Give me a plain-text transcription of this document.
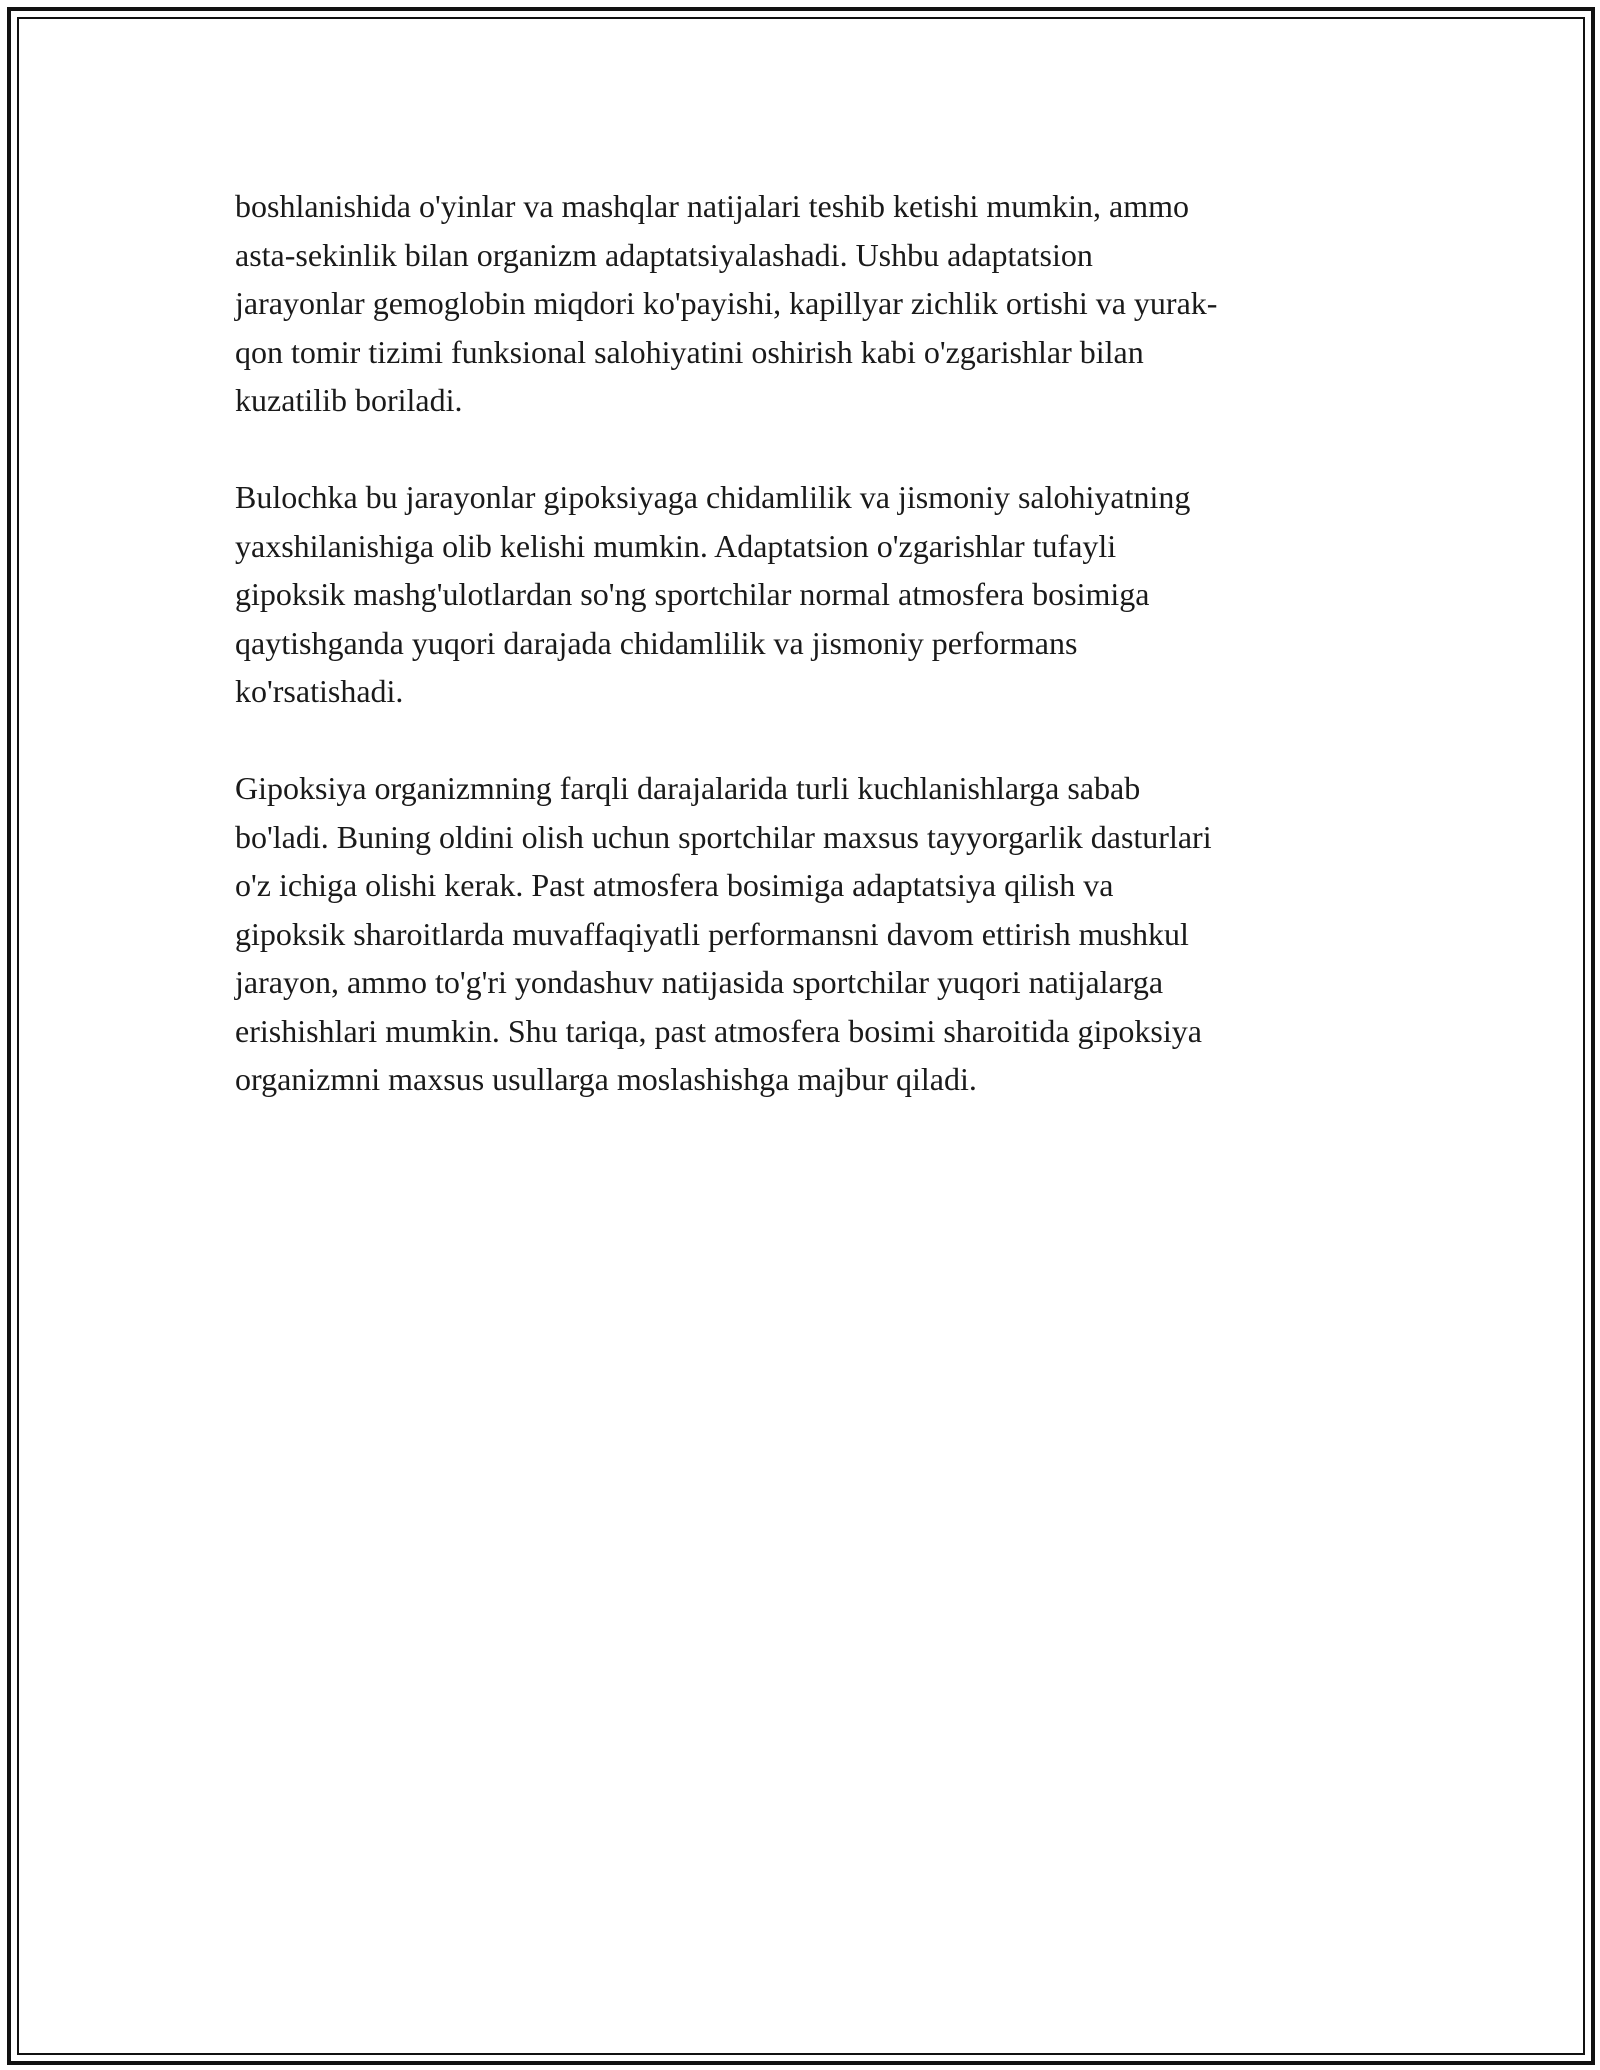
boshlanishida o'yinlar va mashqlar natijalari teshib ketishi mumkin, ammo
asta-sekinlik bilan organizm adaptatsiyalashadi. Ushbu adaptatsion
jarayonlar gemoglobin miqdori ko'payishi, kapillyar zichlik ortishi va yurak-
qon tomir tizimi funksional salohiyatini oshirish kabi o'zgarishlar bilan
kuzatilib boriladi.

Bulochka bu jarayonlar gipoksiyaga chidamlilik va jismoniy salohiyatning
yaxshilanishiga olib kelishi mumkin. Adaptatsion o'zgarishlar tufayli
gipoksik mashg'ulotlardan so'ng sportchilar normal atmosfera bosimiga
qaytishganda yuqori darajada chidamlilik va jismoniy performans
ko'rsatishadi.

Gipoksiya organizmning farqli darajalarida turli kuchlanishlarga sabab
bo'ladi. Buning oldini olish uchun sportchilar maxsus tayyorgarlik dasturlari
o'z ichiga olishi kerak. Past atmosfera bosimiga adaptatsiya qilish va
gipoksik sharoitlarda muvaffaqiyatli performansni davom ettirish mushkul
jarayon, ammo to'g'ri yondashuv natijasida sportchilar yuqori natijalarga
erishishlari mumkin. Shu tariqa, past atmosfera bosimi sharoitida gipoksiya
organizmni maxsus usullarga moslashishga majbur qiladi.
